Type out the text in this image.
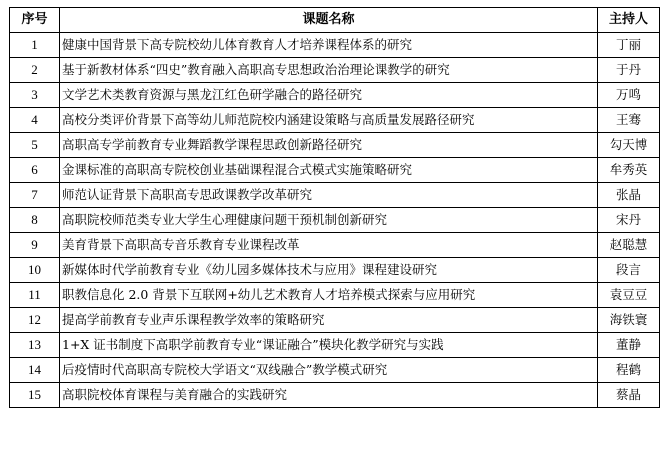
序号	课题名称	主持人
1	健康中国背景下高专院校幼儿体育教育人才培养课程体系的研究	丁丽
2	基于新教材体系“四史”教育融入高职高专思想政治治理论课教学的研究	于丹
3	文学艺术类教育资源与黑龙江红色研学融合的路径研究	万鸣
4	高校分类评价背景下高等幼儿师范院校内涵建设策略与高质量发展路径研究	王骞
5	高职高专学前教育专业舞蹈教学课程思政创新路径研究	勾天博
6	金课标准的高职高专院校创业基础课程混合式模式实施策略研究	牟秀英
7	师范认证背景下高职高专思政课教学改革研究	张晶
8	高职院校师范类专业大学生心理健康问题干预机制创新研究	宋丹
9	美育背景下高职高专音乐教育专业课程改革	赵聪慧
10	新媒体时代学前教育专业《幼儿园多媒体技术与应用》课程建设研究	段言
11	职教信息化 2.0 背景下互联网+幼儿艺术教育人才培养模式探索与应用研究	袁豆豆
12	提高学前教育专业声乐课程教学效率的策略研究	海铁寰
13	1+X 证书制度下高职学前教育专业“课证融合”模块化教学研究与实践	董静
14	后疫情时代高职高专院校大学语文“双线融合”教学模式研究	程鹤
15	高职院校体育课程与美育融合的实践研究	蔡晶
